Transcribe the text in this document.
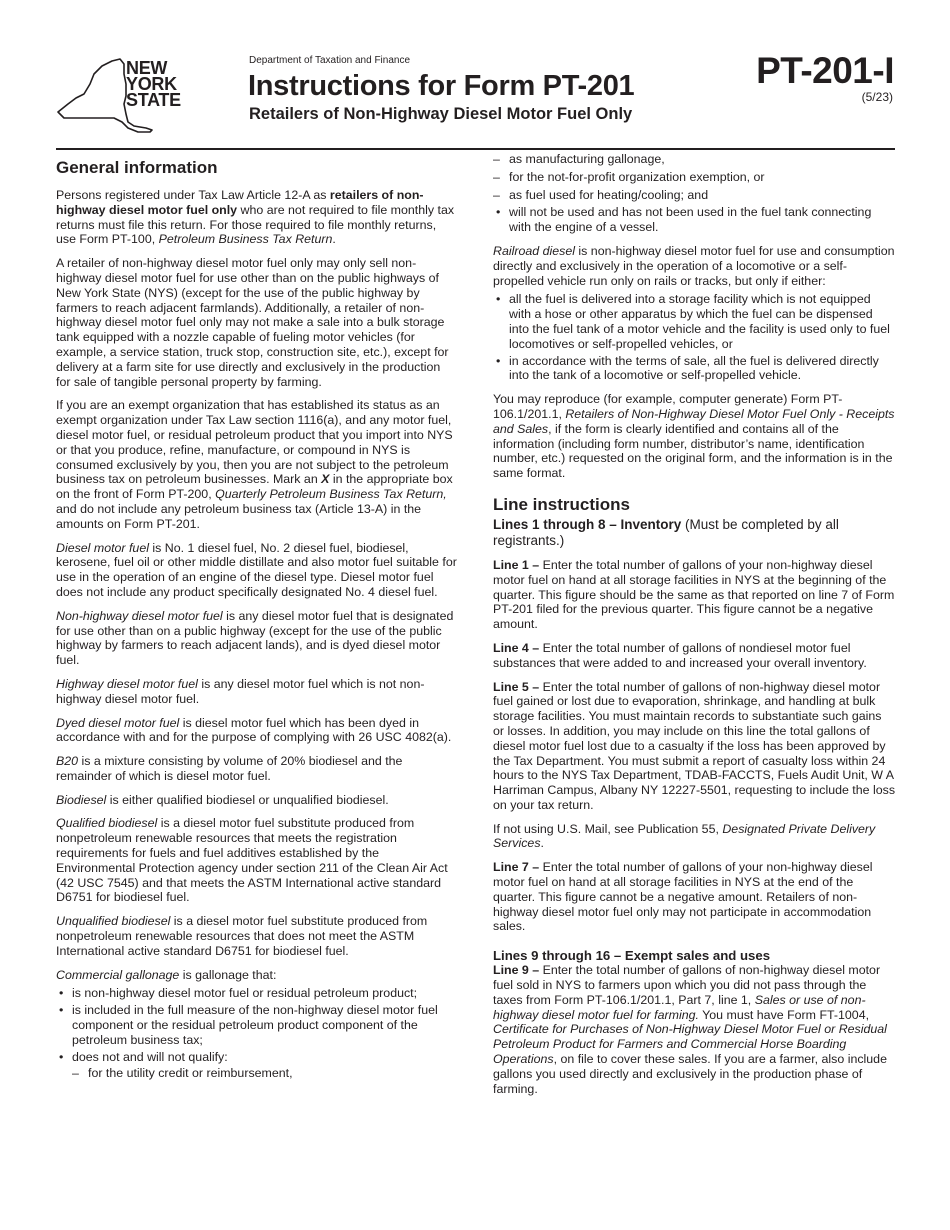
NEW
YORK
STATE
Department of Taxation and Finance
Instructions for Form PT-201
Retailers of Non-Highway Diesel Motor Fuel Only
PT-201-I
(5/23)
General information

Persons registered under Tax Law Article 12-A as retailers of non-highway diesel motor fuel only who are not required to file monthly tax returns must file this return. For those required to file monthly returns, use Form PT-100, Petroleum Business Tax Return.

A retailer of non-highway diesel motor fuel only may only sell non-highway diesel motor fuel for use other than on the public highways of New York State (NYS) (except for the use of the public highway by farmers to reach adjacent farmlands). Additionally, a retailer of non-highway diesel motor fuel only may not make a sale into a bulk storage tank equipped with a nozzle capable of fueling motor vehicles (for example, a service station, truck stop, construction site, etc.), except for delivery at a farm site for use directly and exclusively in the production for sale of tangible personal property by farming.

If you are an exempt organization that has established its status as an exempt organization under Tax Law section 1116(a), and any motor fuel, diesel motor fuel, or residual petroleum product that you import into NYS or that you produce, refine, manufacture, or compound in NYS is consumed exclusively by you, then you are not subject to the petroleum business tax on petroleum businesses. Mark an X in the appropriate box on the front of Form PT-200, Quarterly Petroleum Business Tax Return, and do not include any petroleum business tax (Article 13-A) in the amounts on Form PT-201.

Diesel motor fuel is No. 1 diesel fuel, No. 2 diesel fuel, biodiesel, kerosene, fuel oil or other middle distillate and also motor fuel suitable for use in the operation of an engine of the diesel type. Diesel motor fuel does not include any product specifically designated No. 4 diesel fuel.

Non-highway diesel motor fuel is any diesel motor fuel that is designated for use other than on a public highway (except for the use of the public highway by farmers to reach adjacent lands), and is dyed diesel motor fuel.

Highway diesel motor fuel is any diesel motor fuel which is not non-highway diesel motor fuel.

Dyed diesel motor fuel is diesel motor fuel which has been dyed in accordance with and for the purpose of complying with 26 USC 4082(a).

B20 is a mixture consisting by volume of 20% biodiesel and the remainder of which is diesel motor fuel.

Biodiesel is either qualified biodiesel or unqualified biodiesel.

Qualified biodiesel is a diesel motor fuel substitute produced from nonpetroleum renewable resources that meets the registration requirements for fuels and fuel additives established by the Environmental Protection agency under section 211 of the Clean Air Act (42 USC 7545) and that meets the ASTM International active standard D6751 for biodiesel fuel.

Unqualified biodiesel is a diesel motor fuel substitute produced from nonpetroleum renewable resources that does not meet the ASTM International active standard D6751 for biodiesel fuel.

Commercial gallonage is gallonage that:

• is non-highway diesel motor fuel or residual petroleum product;
• is included in the full measure of the non-highway diesel motor fuel component or the residual petroleum product component of the petroleum business tax;
• does not and will not qualify:
– for the utility credit or reimbursement,
– as manufacturing gallonage,
– for the not-for-profit organization exemption, or
– as fuel used for heating/cooling; and
• will not be used and has not been used in the fuel tank connecting with the engine of a vessel.

Railroad diesel is non-highway diesel motor fuel for use and consumption directly and exclusively in the operation of a locomotive or a self-propelled vehicle run only on rails or tracks, but only if either:

• all the fuel is delivered into a storage facility which is not equipped with a hose or other apparatus by which the fuel can be dispensed into the fuel tank of a motor vehicle and the facility is used only to fuel locomotives or self-propelled vehicles, or
• in accordance with the terms of sale, all the fuel is delivered directly into the tank of a locomotive or self-propelled vehicle.

You may reproduce (for example, computer generate) Form PT-106.1/201.1, Retailers of Non-Highway Diesel Motor Fuel Only - Receipts and Sales, if the form is clearly identified and contains all of the information (including form number, distributor’s name, identification number, etc.) requested on the original form, and the information is in the same format.

Line instructions

Lines 1 through 8 – Inventory (Must be completed by all registrants.)

Line 1 – Enter the total number of gallons of your non-highway diesel motor fuel on hand at all storage facilities in NYS at the beginning of the quarter. This figure should be the same as that reported on line 7 of Form PT-201 filed for the previous quarter. This figure cannot be a negative amount.

Line 4 – Enter the total number of gallons of nondiesel motor fuel substances that were added to and increased your overall inventory.

Line 5 – Enter the total number of gallons of non-highway diesel motor fuel gained or lost due to evaporation, shrinkage, and handling at bulk storage facilities. You must maintain records to substantiate such gains or losses. In addition, you may include on this line the total gallons of diesel motor fuel lost due to a casualty if the loss has been approved by the Tax Department. You must submit a report of casualty loss within 24 hours to the NYS Tax Department, TDAB-FACCTS, Fuels Audit Unit, W A Harriman Campus, Albany NY 12227-5501, requesting to include the loss on your tax return.

If not using U.S. Mail, see Publication 55, Designated Private Delivery Services.

Line 7 – Enter the total number of gallons of your non-highway diesel motor fuel on hand at all storage facilities in NYS at the end of the quarter. This figure cannot be a negative amount. Retailers of non-highway diesel motor fuel only may not participate in accommodation sales.

Lines 9 through 16 – Exempt sales and uses

Line 9 – Enter the total number of gallons of non-highway diesel motor fuel sold in NYS to farmers upon which you did not pass through the taxes from Form PT-106.1/201.1, Part 7, line 1, Sales or use of non-highway diesel motor fuel for farming. You must have Form FT-1004, Certificate for Purchases of Non-Highway Diesel Motor Fuel or Residual Petroleum Product for Farmers and Commercial Horse Boarding Operations, on file to cover these sales. If you are a farmer, also include gallons you used directly and exclusively in the production phase of farming.
